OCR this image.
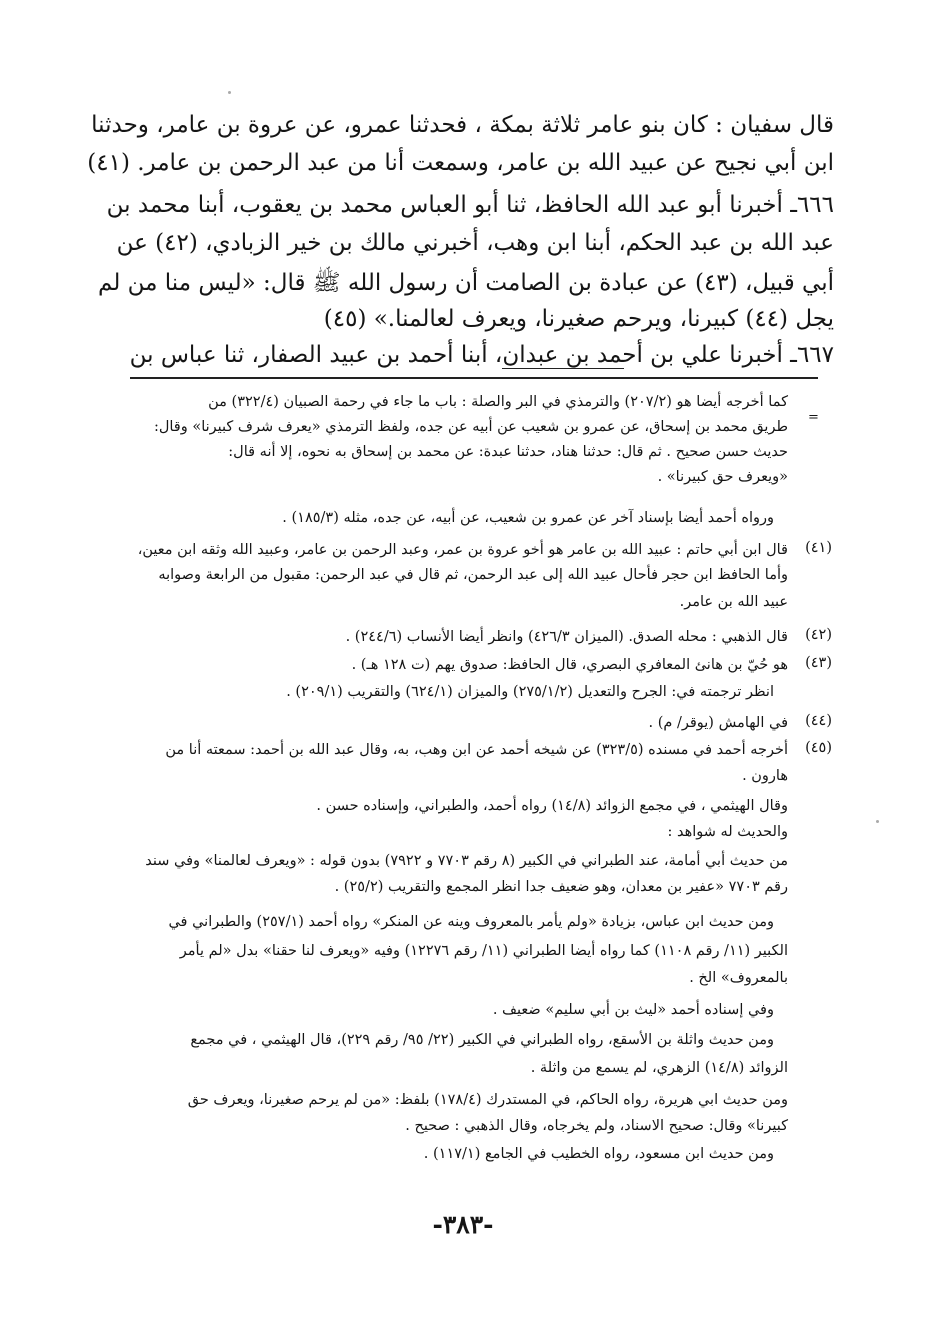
قال سفيان : كان بنو عامر ثلاثة بمكة ، فحدثنا عمرو، عن عروة بن عامر، وحدثنا
ابن أبي نجيح عن عبيد الله بن عامر، وسمعت أنا من عبد الرحمن بن عامر. (٤١)
٦٦٦ـ أخبرنا أبو عبد الله الحافظ، ثنا أبو العباس محمد بن يعقوب، أبنا محمد بن
عبد الله بن عبد الحكم، أبنا ابن وهب، أخبرني مالك بن خير الزبادي، (٤٢) عن
أبي قبيل، (٤٣) عن عبادة بن الصامت أن رسول الله ﷺ قال: «ليس منا من لم
يجل (٤٤) كبيرنا، ويرحم صغيرنا، ويعرف لعالمنا.» (٤٥)
٦٦٧ـ أخبرنا علي بن أحمد بن عبدان، أبنا أحمد بن عبيد الصفار، ثنا عباس بن
=
كما أخرجه أيضا هو (٢٠٧/٢) والترمذي في البر والصلة : باب ما جاء في رحمة الصبيان (٣٢٢/٤) من
طريق محمد بن إسحاق، عن عمرو بن شعيب عن أبيه عن جده، ولفظ الترمذي «يعرف شرف كبيرنا» وقال:
حديث حسن صحيح . ثم قال: حدثنا هناد، حدثنا عبدة: عن محمد بن إسحاق به نحوه، إلا أنه قال:
«ويعرف حق كبيرنا» .
ورواه أحمد أيضا بإسناد آخر عن عمرو بن شعيب، عن أبيه، عن جده، مثله (١٨٥/٣) .
(٤١)
قال ابن أبي حاتم : عبيد الله بن عامر هو أخو عروة بن عمر، وعبد الرحمن بن عامر، وعبيد الله وثقه ابن معين،
وأما الحافظ ابن حجر فأحال عبيد الله إلى عبد الرحمن، ثم قال في عبد الرحمن: مقبول من الرابعة وصوابه
عبيد الله بن عامر.
(٤٢)
قال الذهبي : محله الصدق. (الميزان ٤٢٦/٣) وانظر أيضا الأنساب (٢٤٤/٦) .
(٤٣)
هو حُيّ بن هانئ المعافري البصري، قال الحافظ: صدوق يهم (ت ١٢٨ هـ) .
انظر ترجمته في: الجرح والتعديل (٢٧٥/١/٢) والميزان (٦٢٤/١) والتقريب (٢٠٩/١) .
(٤٤)
في الهامش (يوقر/ م) .
(٤٥)
أخرجه أحمد في مسنده (٣٢٣/٥) عن شيخه أحمد عن ابن وهب، به، وقال عبد الله بن أحمد: سمعته أنا من
هارون .
وقال الهيثمي ، في مجمع الزوائد (١٤/٨) رواه أحمد، والطبراني، وإسناده حسن .
والحديث له شواهد :
من حديث أبي أمامة، عند الطبراني في الكبير (٨ رقم ٧٧٠٣ و ٧٩٢٢) بدون قوله : «ويعرف لعالمنا» وفي سند
رقم ٧٧٠٣ «عفير بن معدان، وهو ضعيف جدا انظر المجمع والتقريب (٢٥/٢) .
ومن حديث ابن عباس، بزيادة «ولم يأمر بالمعروف وينه عن المنكر» رواه أحمد (٢٥٧/١) والطبراني في
الكبير (١١/ رقم ١١٠٨) كما رواه أيضا الطبراني (١١/ رقم ١٢٢٧٦) وفيه «ويعرف لنا حقنا» بدل «لم يأمر
بالمعروف» الخ .
وفي إسناده أحمد «ليث بن أبي سليم» ضعيف .
ومن حديث واثلة بن الأسقع، رواه الطبراني في الكبير (٢٢/ ٩٥/ رقم ٢٢٩)، قال الهيثمي ، في مجمع
الزوائد (١٤/٨) الزهري، لم يسمع من واثلة .
ومن حديث ابي هريرة، رواه الحاكم، في المستدرك (١٧٨/٤) بلفظ: «من لم يرحم صغيرنا، ويعرف حق
كبيرنا» وقال: صحيح الاسناد، ولم يخرجاه، وقال الذهبي : صحيح .
ومن حديث ابن مسعود، رواه الخطيب في الجامع (١١٧/١) .
-٣٨٣-
